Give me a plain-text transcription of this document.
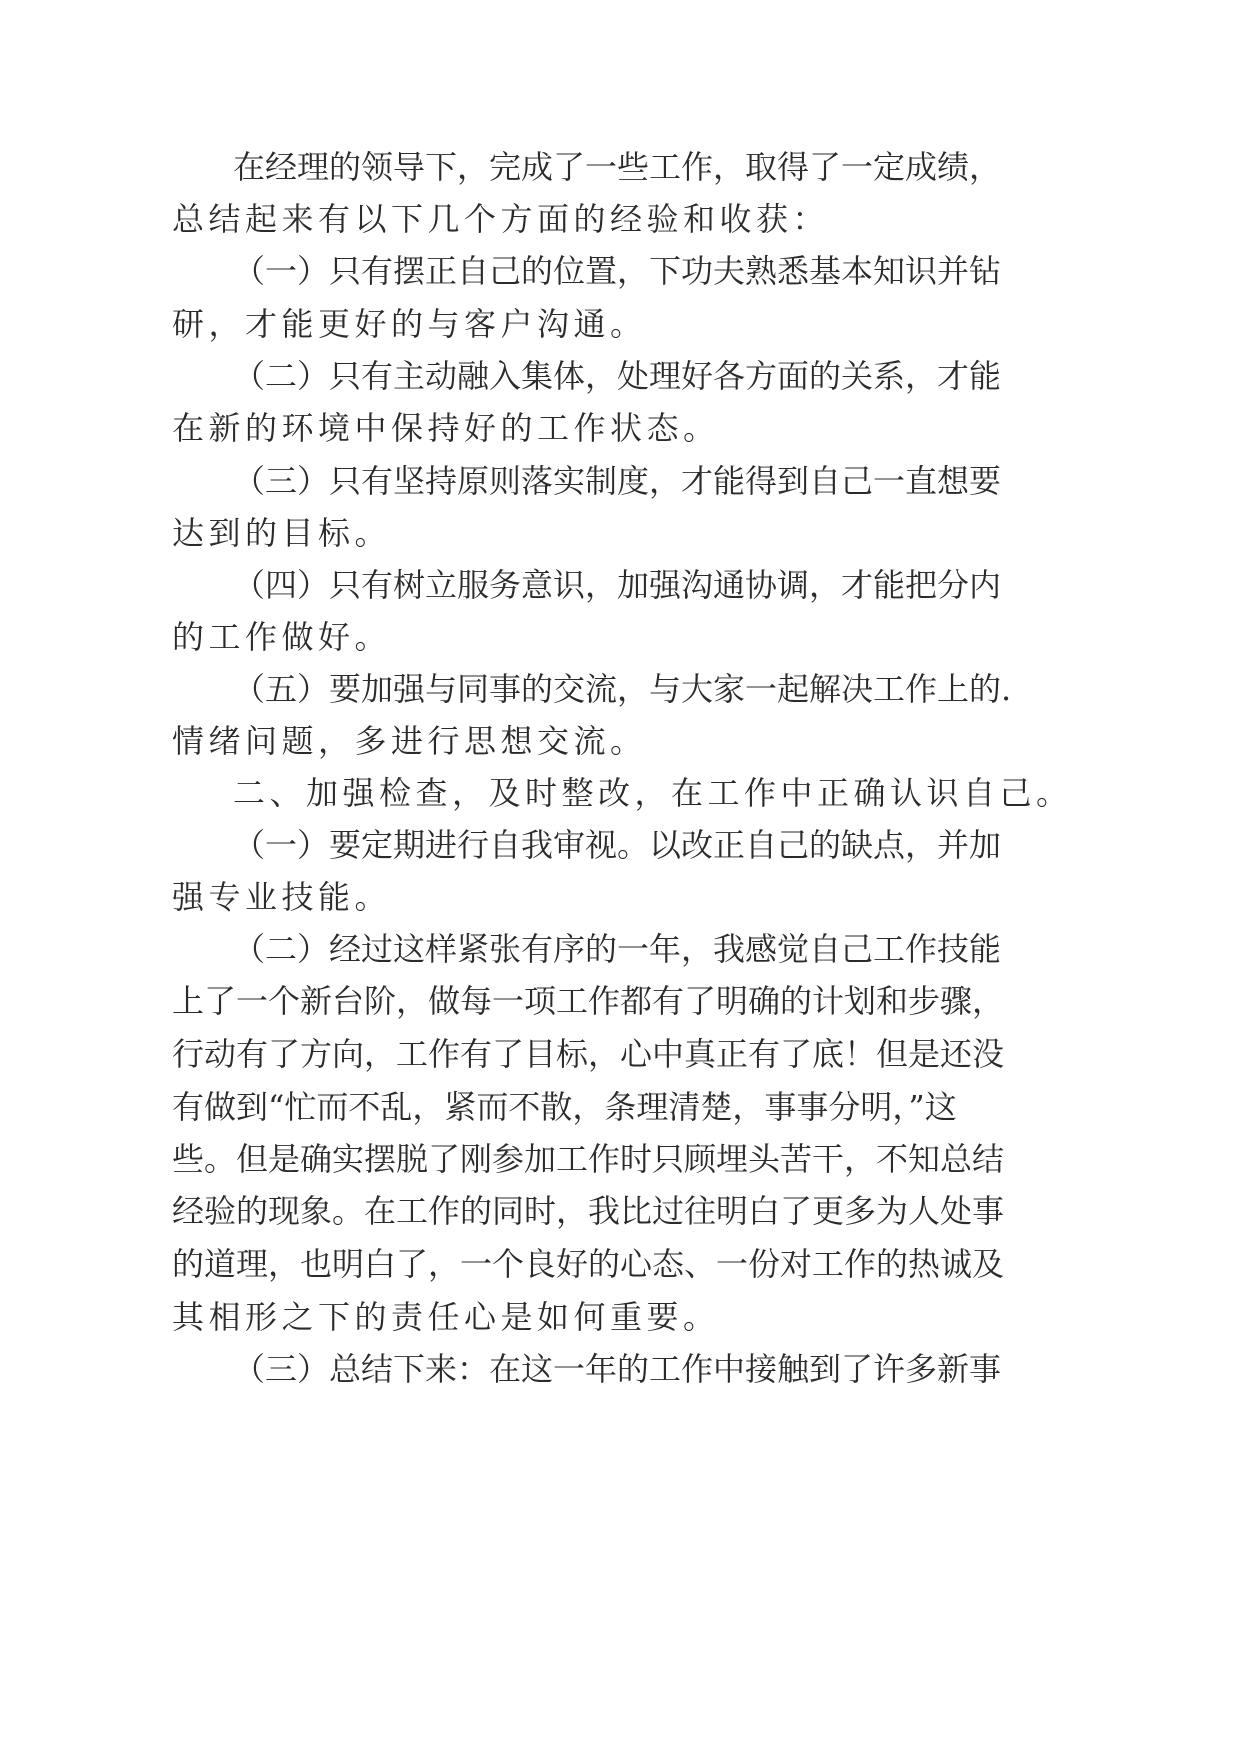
在经理的领导下，完成了一些工作，取得了一定成绩，
总结起来有以下几个方面的经验和收获：
（一）只有摆正自己的位置，下功夫熟悉基本知识并钻
研，才能更好的与客户沟通。
（二）只有主动融入集体，处理好各方面的关系，才能
在新的环境中保持好的工作状态。
（三）只有坚持原则落实制度，才能得到自己一直想要
达到的目标。
（四）只有树立服务意识，加强沟通协调，才能把分内
的工作做好。
（五）要加强与同事的交流，与大家一起解决工作上的.
情绪问题，多进行思想交流。
二、加强检查，及时整改，在工作中正确认识自己。
（一）要定期进行自我审视。以改正自己的缺点，并加
强专业技能。
（二）经过这样紧张有序的一年，我感觉自己工作技能
上了一个新台阶，做每一项工作都有了明确的计划和步骤，
行动有了方向，工作有了目标，心中真正有了底！但是还没
有做到“忙而不乱，紧而不散，条理清楚，事事分明，”这
些。但是确实摆脱了刚参加工作时只顾埋头苦干，不知总结
经验的现象。在工作的同时，我比过往明白了更多为人处事
的道理，也明白了，一个良好的心态、一份对工作的热诚及
其相形之下的责任心是如何重要。
（三）总结下来：在这一年的工作中接触到了许多新事
